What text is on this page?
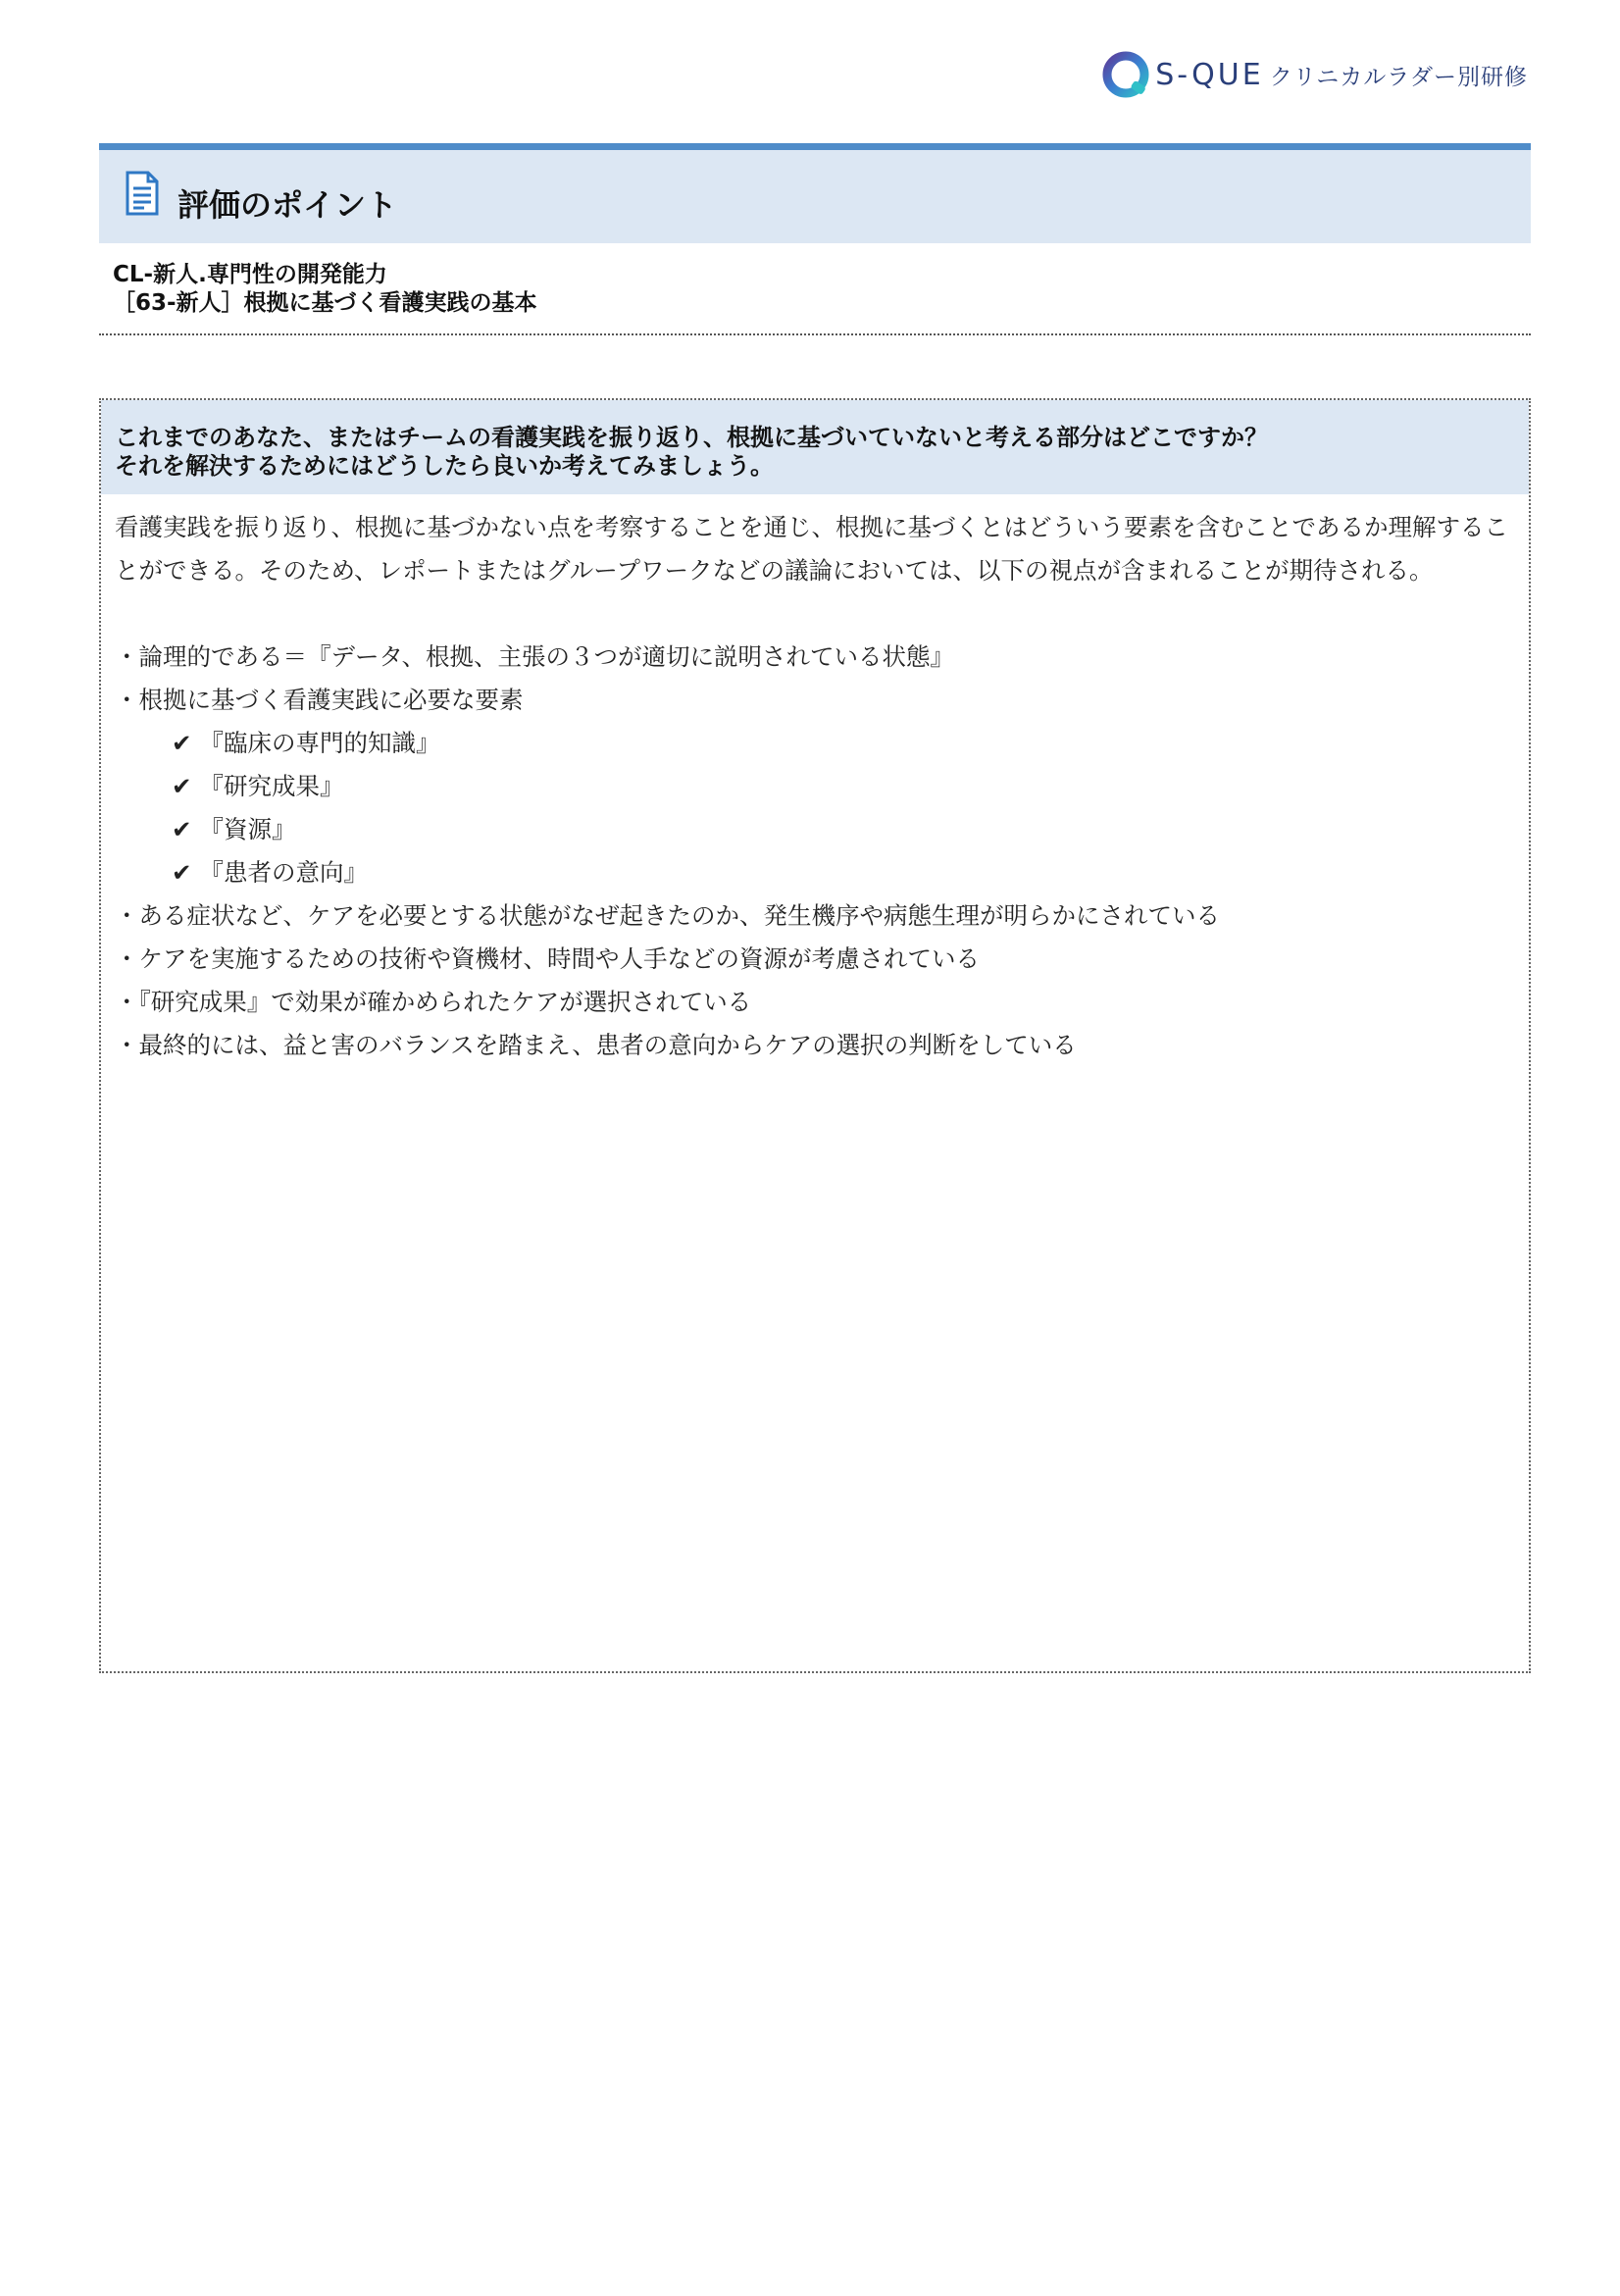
S-QUE クリニカルラダー別研修
評価のポイント
CL-新人.専門性の開発能力
［63-新人］根拠に基づく看護実践の基本
これまでのあなた、またはチームの看護実践を振り返り、根拠に基づいていないと考える部分はどこですか？
それを解決するためにはどうしたら良いか考えてみましょう。

看護実践を振り返り、根拠に基づかない点を考察することを通じ、根拠に基づくとはどういう要素を含むことであるか理解することができる。そのため、レポートまたはグループワークなどの議論においては、以下の視点が含まれることが期待される。

・論理的である＝『データ、根拠、主張の３つが適切に説明されている状態』
・根拠に基づく看護実践に必要な要素
✔ 『臨床の専門的知識』
✔ 『研究成果』
✔ 『資源』
✔ 『患者の意向』
・ある症状など、ケアを必要とする状態がなぜ起きたのか、発生機序や病態生理が明らかにされている
・ケアを実施するための技術や資機材、時間や人手などの資源が考慮されている
・『研究成果』で効果が確かめられたケアが選択されている
・最終的には、益と害のバランスを踏まえ、患者の意向からケアの選択の判断をしている
